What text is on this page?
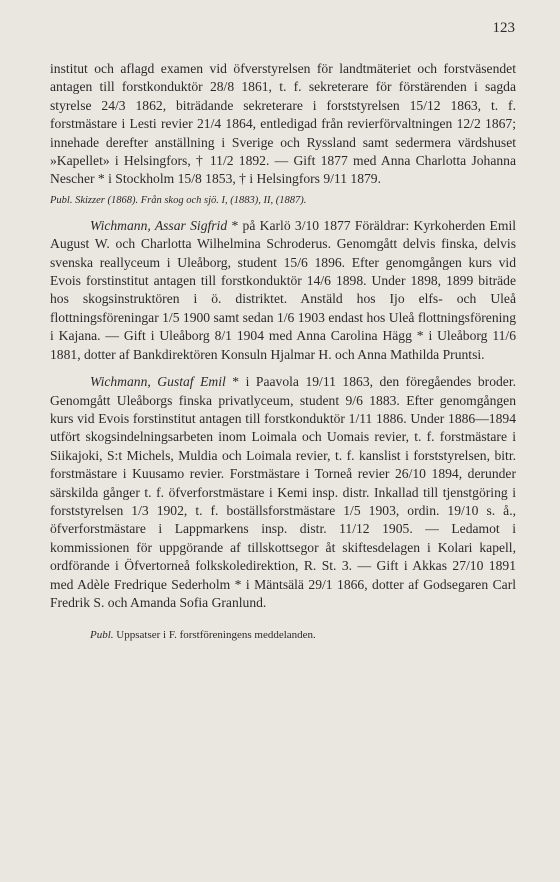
123

institut och aflagd examen vid öfverstyrelsen för landtmäteriet och forstväsendet antagen till forstkonduktör 28/8 1861, t. f. sekreterare för förstärenden i sagda styrelse 24/3 1862, biträdande sekreterare i forststyrelsen 15/12 1863, t. f. forstmästare i Lesti revier 21/4 1864, entledigad från revierförvaltningen 12/2 1867; innehade derefter anställning i Sverige och Ryssland samt sedermera värdshuset »Kapellet» i Helsingfors, † 11/2 1892. — Gift 1877 med Anna Charlotta Johanna Nescher * i Stockholm 15/8 1853, † i Helsingfors 9/11 1879.

Publ. Skizzer (1868). Från skog och sjö. I, (1883), II, (1887).

Wichmann, Assar Sigfrid * på Karlö 3/10 1877 Föräldrar: Kyrkoherden Emil August W. och Charlotta Wilhelmina Schroderus. Genomgått delvis finska, delvis svenska reallyceum i Uleåborg, student 15/6 1896. Efter genomgången kurs vid Evois forstinstitut antagen till forstkonduktör 14/6 1898. Under 1898, 1899 biträde hos skogsinstruktören i ö. distriktet. Anstäld hos Ijo elfs- och Uleå flottningsföreningar 1/5 1900 samt sedan 1/6 1903 endast hos Uleå flottningsförening i Kajana. — Gift i Uleåborg 8/1 1904 med Anna Carolina Hägg * i Uleåborg 11/6 1881, dotter af Bankdirektören Konsuln Hjalmar H. och Anna Mathilda Pruntsi.

Wichmann, Gustaf Emil * i Paavola 19/11 1863, den föregåendes broder. Genomgått Uleåborgs finska privatlyceum, student 9/6 1883. Efter genomgången kurs vid Evois forstinstitut antagen till forstkonduktör 1/11 1886. Under 1886—1894 utfört skogsindelningsarbeten inom Loimala och Uomais revier, t. f. forstmästare i Siikajoki, S:t Michels, Muldia och Loimala revier, t. f. kanslist i forststyrelsen, bitr. forstmästare i Kuusamo revier. Forstmästare i Torneå revier 26/10 1894, derunder särskilda gånger t. f. öfverforstmästare i Kemi insp. distr. Inkallad till tjenstgöring i forststyrelsen 1/3 1902, t. f. boställsforstmästare 1/5 1903, ordin. 19/10 s. å., öfverforstmästare i Lappmarkens insp. distr. 11/12 1905. — Ledamot i kommissionen för uppgörande af tillskottsegor åt skiftesdelagen i Kolari kapell, ordförande i Öfvertorneå folkskoledirektion, R. St. 3. — Gift i Akkas 27/10 1891 med Adèle Fredrique Sederholm * i Mäntsälä 29/1 1866, dotter af Godsegaren Carl Fredrik S. och Amanda Sofia Granlund.

Publ. Uppsatser i F. forstföreningens meddelanden.
